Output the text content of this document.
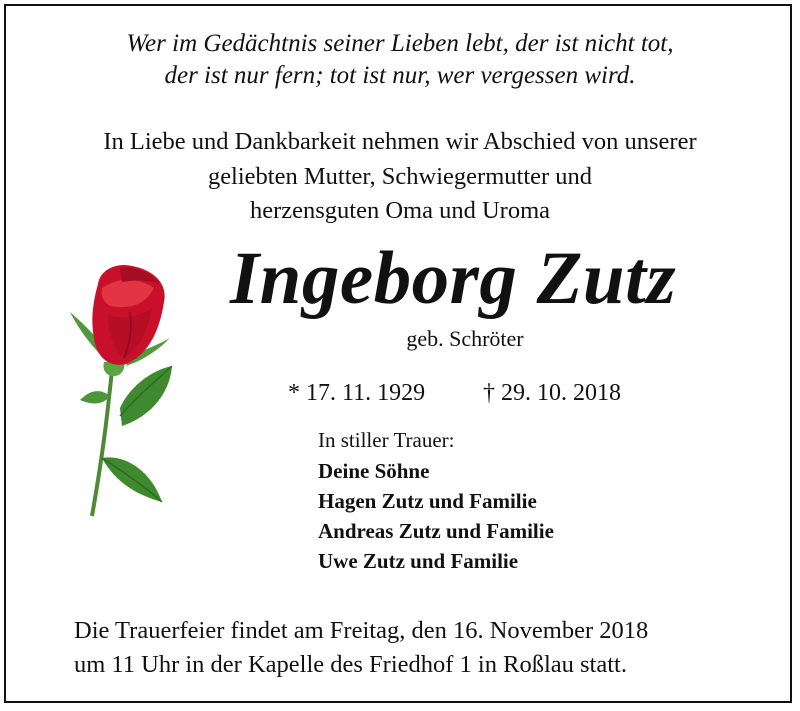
Wer im Gedächtnis seiner Lieben lebt, der ist nicht tot,
der ist nur fern; tot ist nur, wer vergessen wird.
In Liebe und Dankbarkeit nehmen wir Abschied von unserer
geliebten Mutter, Schwiegermutter und
herzensguten Oma und Uroma
Ingeborg Zutz
geb. Schröter
* 17. 11. 1929 † 29. 10. 2018
In stiller Trauer:
Deine Söhne
Hagen Zutz und Familie
Andreas Zutz und Familie
Uwe Zutz und Familie
Die Trauerfeier findet am Freitag, den 16. November 2018
um 11 Uhr in der Kapelle des Friedhof 1 in Roßlau statt.
